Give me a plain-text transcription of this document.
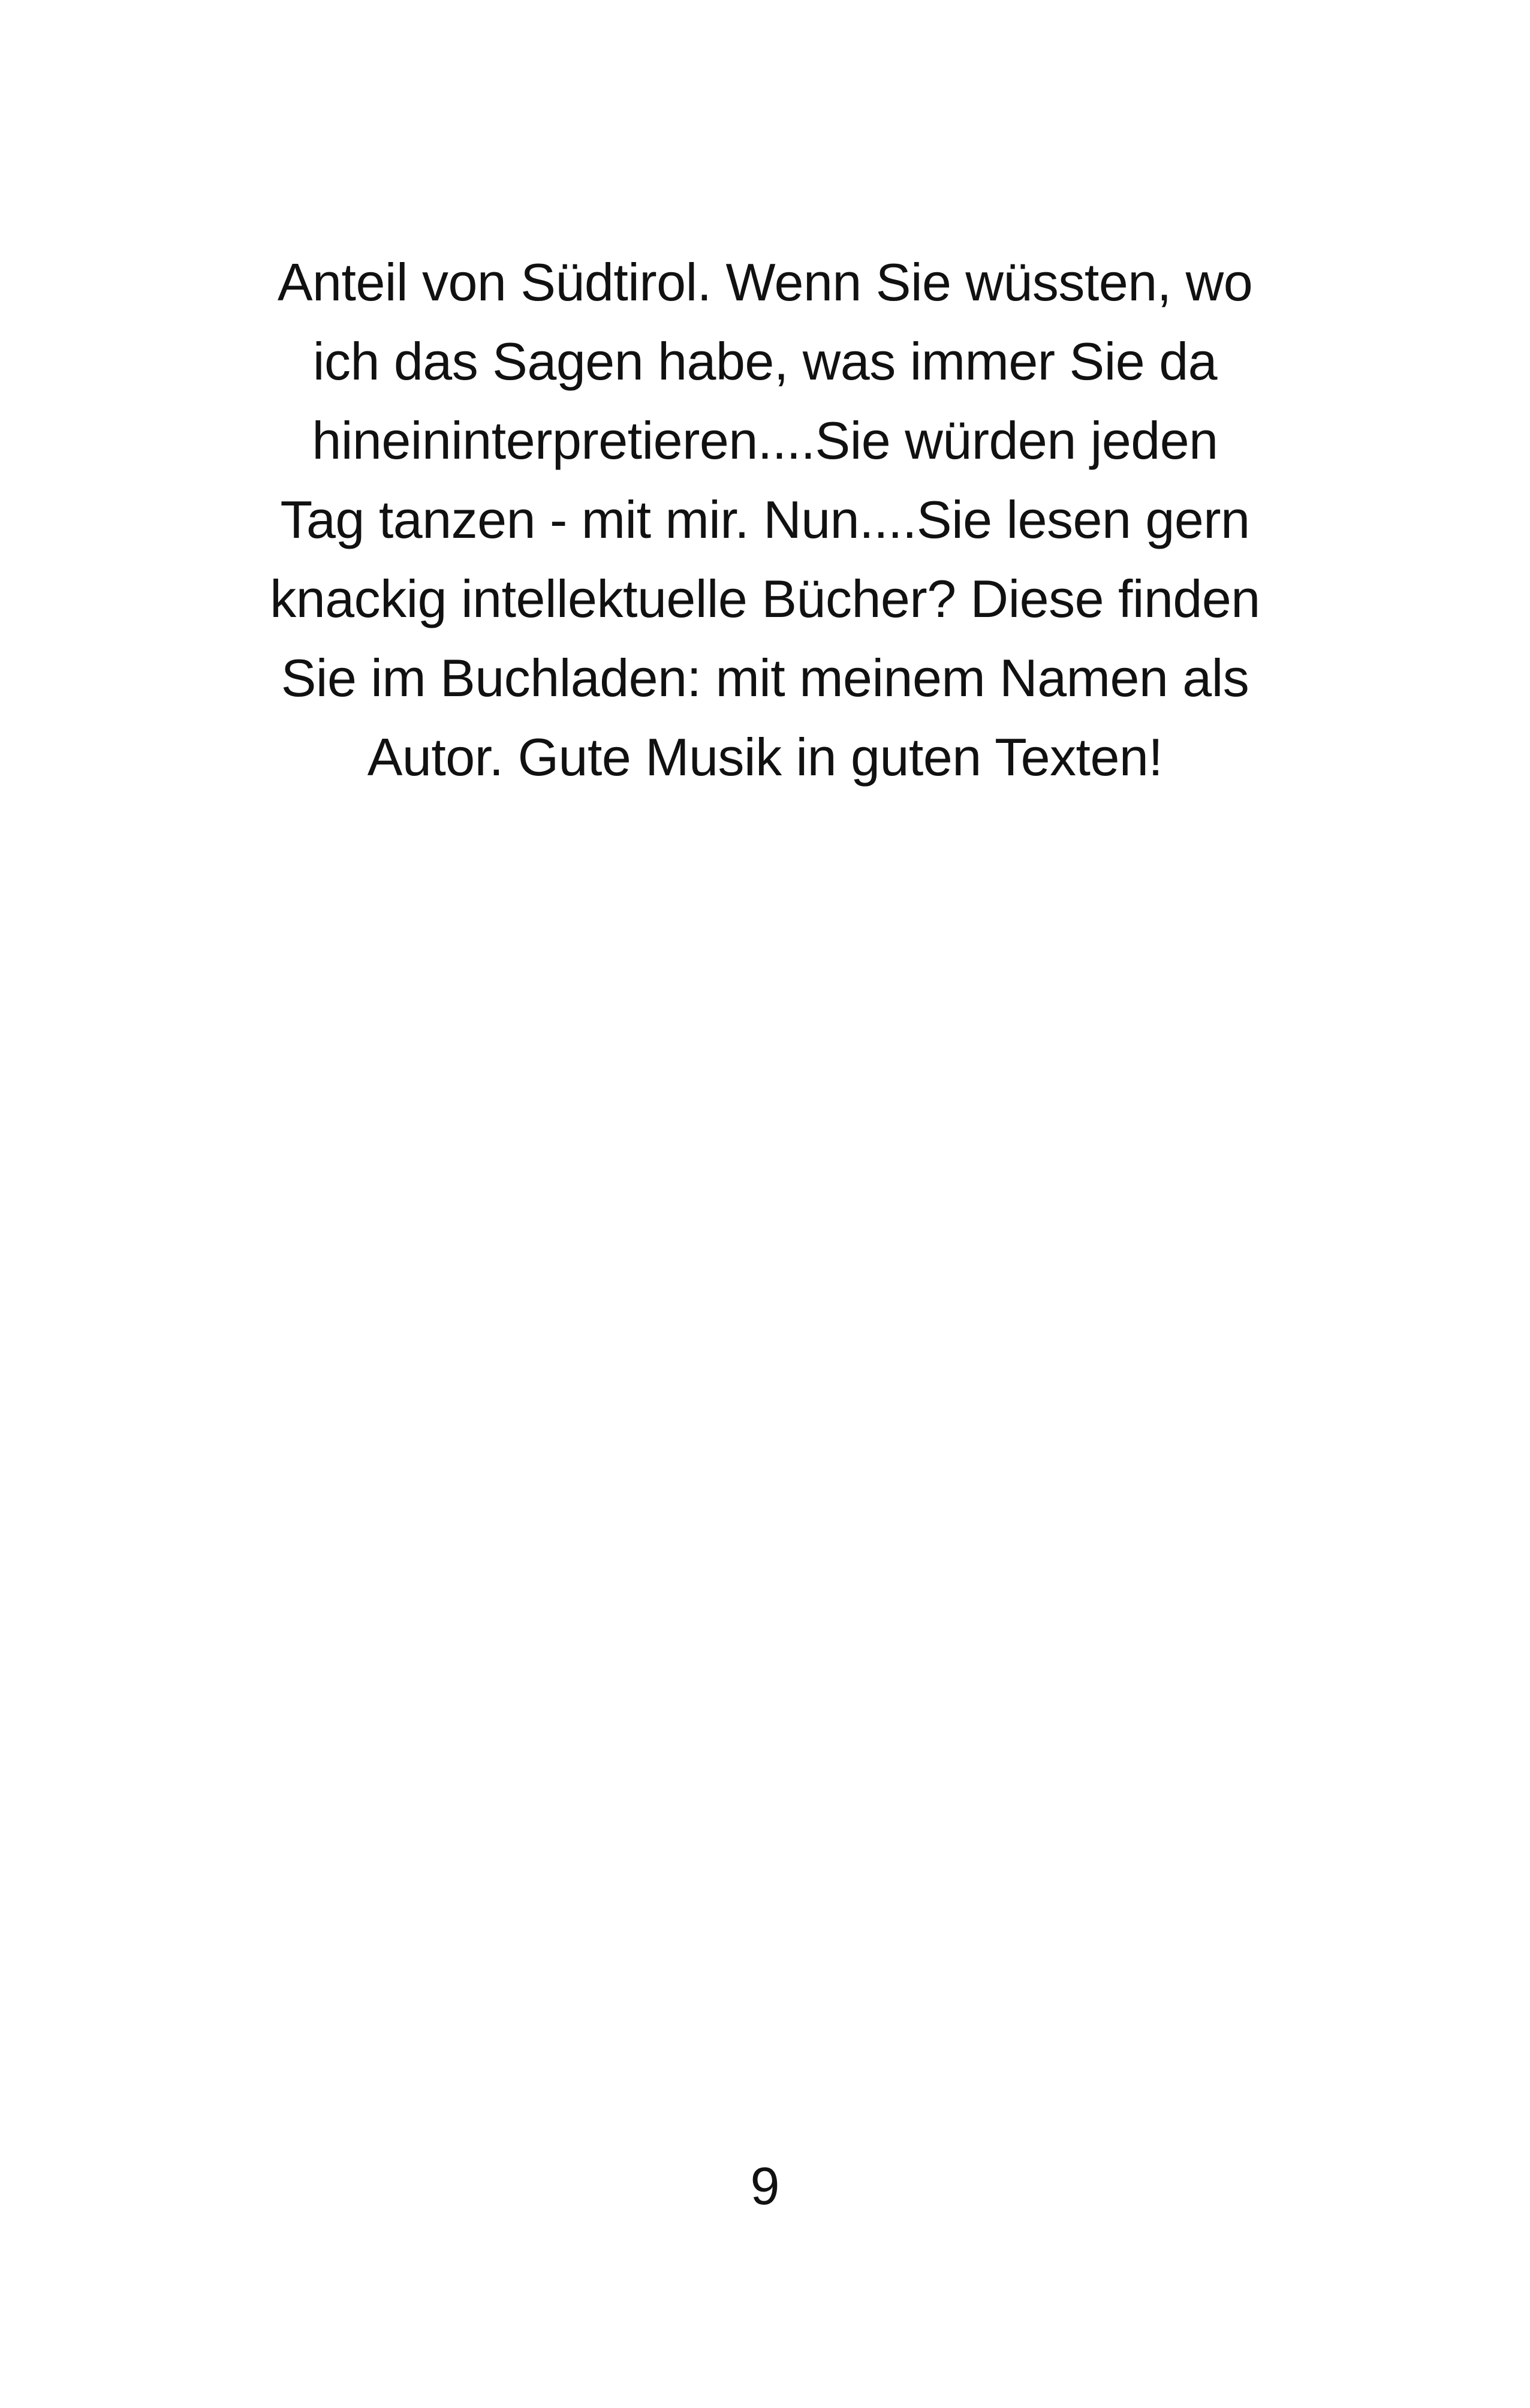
Anteil von Südtirol. Wenn Sie wüssten, wo
ich das Sagen habe, was immer Sie da
hineininterpretieren....Sie würden jeden
Tag tanzen - mit mir. Nun....Sie lesen gern
knackig intellektuelle Bücher? Diese finden
Sie im Buchladen: mit meinem Namen als
Autor. Gute Musik in guten Texten!
9
